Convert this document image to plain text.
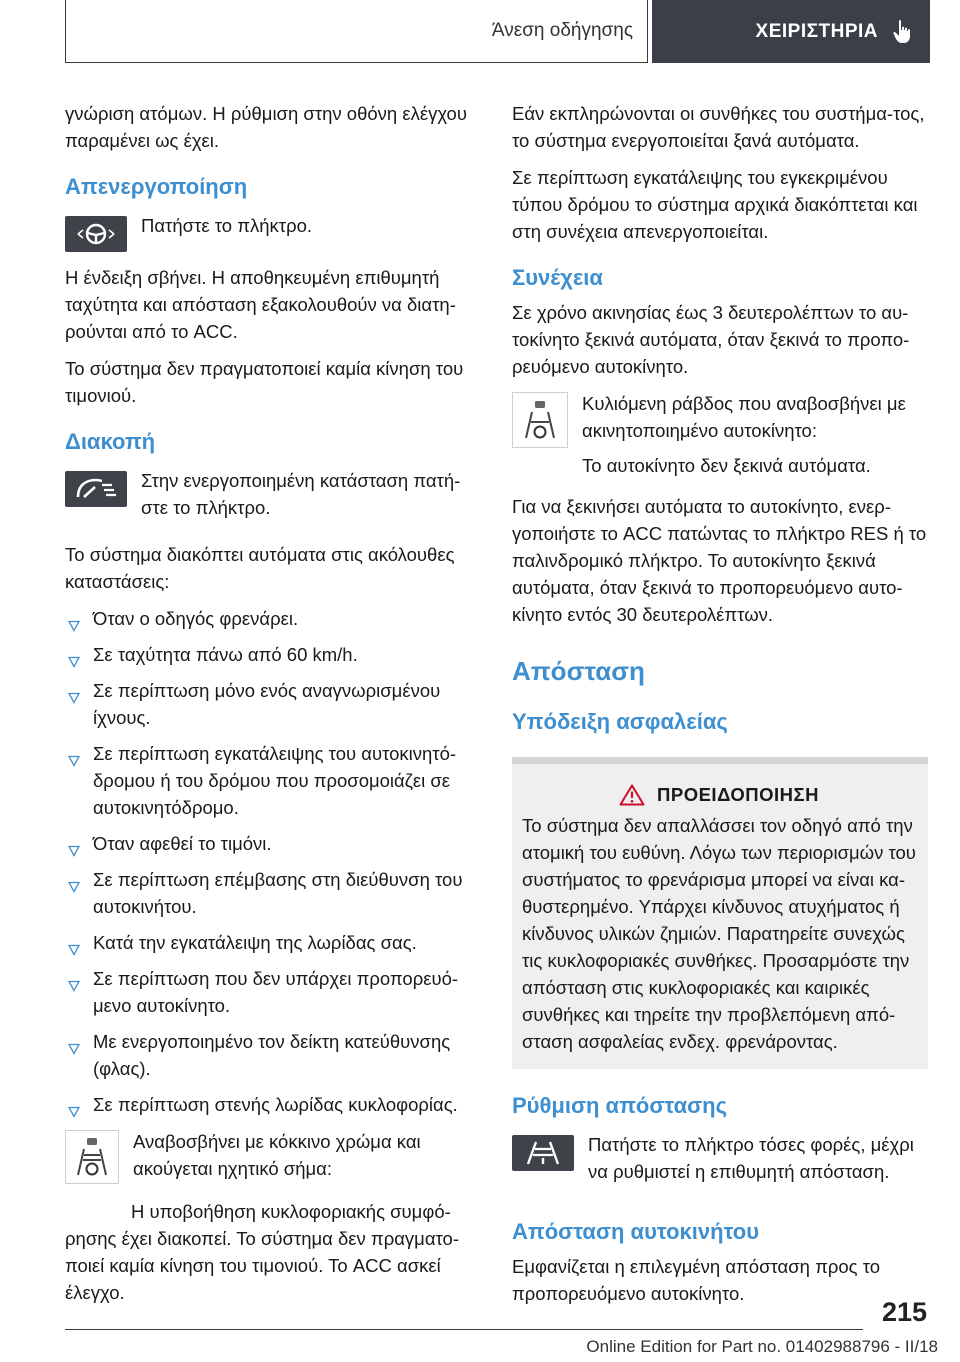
Άνεση οδήγησης	ΧΕΙΡΙΣΤΗΡΙΑ

γνώριση ατόμων. Η ρύθμιση στην οθόνη ελέγχου παραμένει ως έχει.

Απενεργοποίηση

Πατήστε το πλήκτρο.

Η ένδειξη σβήνει. Η αποθηκευμένη επιθυμητή ταχύτητα και απόσταση εξακολουθούν να διατη-ρούνται από το ACC.

Το σύστημα δεν πραγματοποιεί καμία κίνηση του τιμονιού.

Διακοπή

Στην ενεργοποιημένη κατάσταση πατή-στε το πλήκτρο.

Το σύστημα διακόπτει αυτόματα στις ακόλουθες καταστάσεις:

Όταν ο οδηγός φρενάρει.
Σε ταχύτητα πάνω από 60 km/h.
Σε περίπτωση μόνο ενός αναγνωρισμένου ίχνους.
Σε περίπτωση εγκατάλειψης του αυτοκινητό-δρομου ή του δρόμου που προσομοιάζει σε αυτοκινητόδρομο.
Όταν αφεθεί το τιμόνι.
Σε περίπτωση επέμβασης στη διεύθυνση του αυτοκινήτου.
Κατά την εγκατάλειψη της λωρίδας σας.
Σε περίπτωση που δεν υπάρχει προπορευό-μενο αυτοκίνητο.
Με ενεργοποιημένο τον δείκτη κατεύθυνσης (φλας).
Σε περίπτωση στενής λωρίδας κυκλοφορίας.

Αναβοσβήνει με κόκκινο χρώμα και ακούγεται ηχητικό σήμα:

Η υποβοήθηση κυκλοφοριακής συμφό-ρησης έχει διακοπεί. Το σύστημα δεν πραγματο-ποιεί καμία κίνηση του τιμονιού. Το ACC ασκεί έλεγχο.

Εάν εκπληρώνονται οι συνθήκες του συστήμα-τος, το σύστημα ενεργοποιείται ξανά αυτόματα.

Σε περίπτωση εγκατάλειψης του εγκεκριμένου τύπου δρόμου το σύστημα αρχικά διακόπτεται και στη συνέχεια απενεργοποιείται.

Συνέχεια

Σε χρόνο ακινησίας έως 3 δευτερολέπτων το αυ-τοκίνητο ξεκινά αυτόματα, όταν ξεκινά το προπο-ρευόμενο αυτοκίνητο.

Κυλιόμενη ράβδος που αναβοσβήνει με ακινητοποιημένο αυτοκίνητο:

Το αυτοκίνητο δεν ξεκινά αυτόματα.

Για να ξεκινήσει αυτόματα το αυτοκίνητο, ενερ-γοποιήστε το ACC πατώντας το πλήκτρο RES ή το παλινδρομικό πλήκτρο. Το αυτοκίνητο ξεκινά αυτόματα, όταν ξεκινά το προπορευόμενο αυτο-κίνητο εντός 30 δευτερολέπτων.

Απόσταση
Υπόδειξη ασφαλείας
ΠΡΟΕΙΔΟΠΟΙΗΣΗ

Το σύστημα δεν απαλλάσσει τον οδηγό από την ατομική του ευθύνη. Λόγω των περιορισμών του συστήματος το φρενάρισμα μπορεί να είναι κα-θυστερημένο. Υπάρχει κίνδυνος ατυχήματος ή κίνδυνος υλικών ζημιών. Παρατηρείτε συνεχώς τις κυκλοφοριακές συνθήκες. Προσαρμόστε την απόσταση στις κυκλοφοριακές και καιρικές συνθήκες και τηρείτε την προβλεπόμενη από-σταση ασφαλείας ενδεχ. φρενάροντας.

Ρύθμιση απόστασης

Πατήστε το πλήκτρο τόσες φορές, μέχρι να ρυθμιστεί η επιθυμητή απόσταση.

Απόσταση αυτοκινήτου

Εμφανίζεται η επιλεγμένη απόσταση προς το προπορευόμενο αυτοκίνητο.

215
Online Edition for Part no. 01402988796 - II/18
